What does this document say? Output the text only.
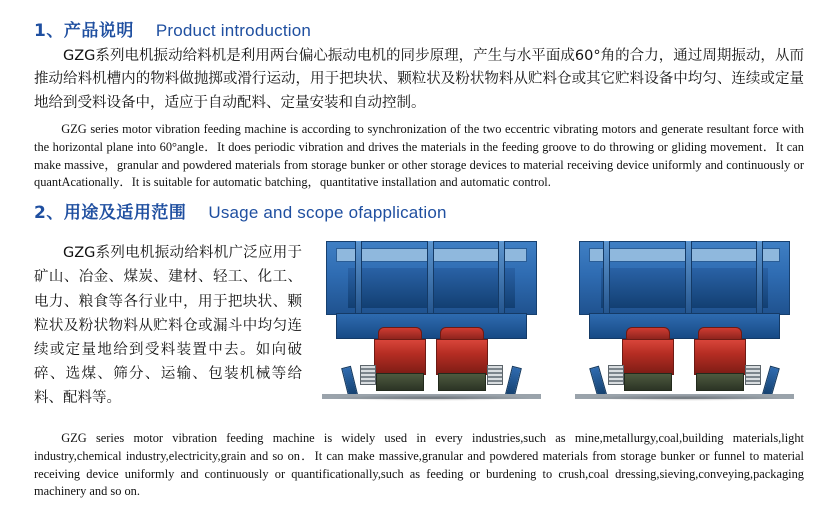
1、产品说明 Product introduction

GZG系列电机振动给料机是利用两台偏心振动电机的同步原理，产生与水平面成60°角的合力，通过周期振动，从而推动给料机槽内的物料做抛掷或滑行运动，用于把块状、颗粒状及粉状物料从贮料仓或其它贮料设备中均匀、连续或定量地给到受料设备中，适应于自动配料、定量安装和自动控制。

GZG series motor vibration feeding machine is according to synchronization of the two eccentric vibrating motors and generate resultant force with the horizontal plane into 60°angle．It does periodic vibration and drives the materials in the feeding groove to do throwing or gliding movement．It can make massive，granular and powdered materials from storage bunker or other storage devices to material receiving device uniformly and continuously or quantAcationally．It is suitable for automatic batching，quantitative installation and automatic control.

2、用途及适用范围 Usage and scope ofapplication

GZG系列电机振动给料机广泛应用于矿山、冶金、煤炭、建材、轻工、化工、电力、粮食等各行业中，用于把块状、颗粒状及粉状物料从贮料仓或漏斗中均匀连续或定量地给到受料装置中去。如向破碎、选煤、筛分、运输、包装机械等给料、配料等。

GZG series motor vibration feeding machine is widely used in every industries,such as mine,metallurgy,coal,building materials,light industry,chemical industry,electricity,grain and so on．It can make massive,granular and powdered materials from storage bunker or funnel to material receiving device uniformly and continuously or quantificationally,such as feeding or burdening to crush,coal dressing,sieving,conveying,packaging machinery and so on.
